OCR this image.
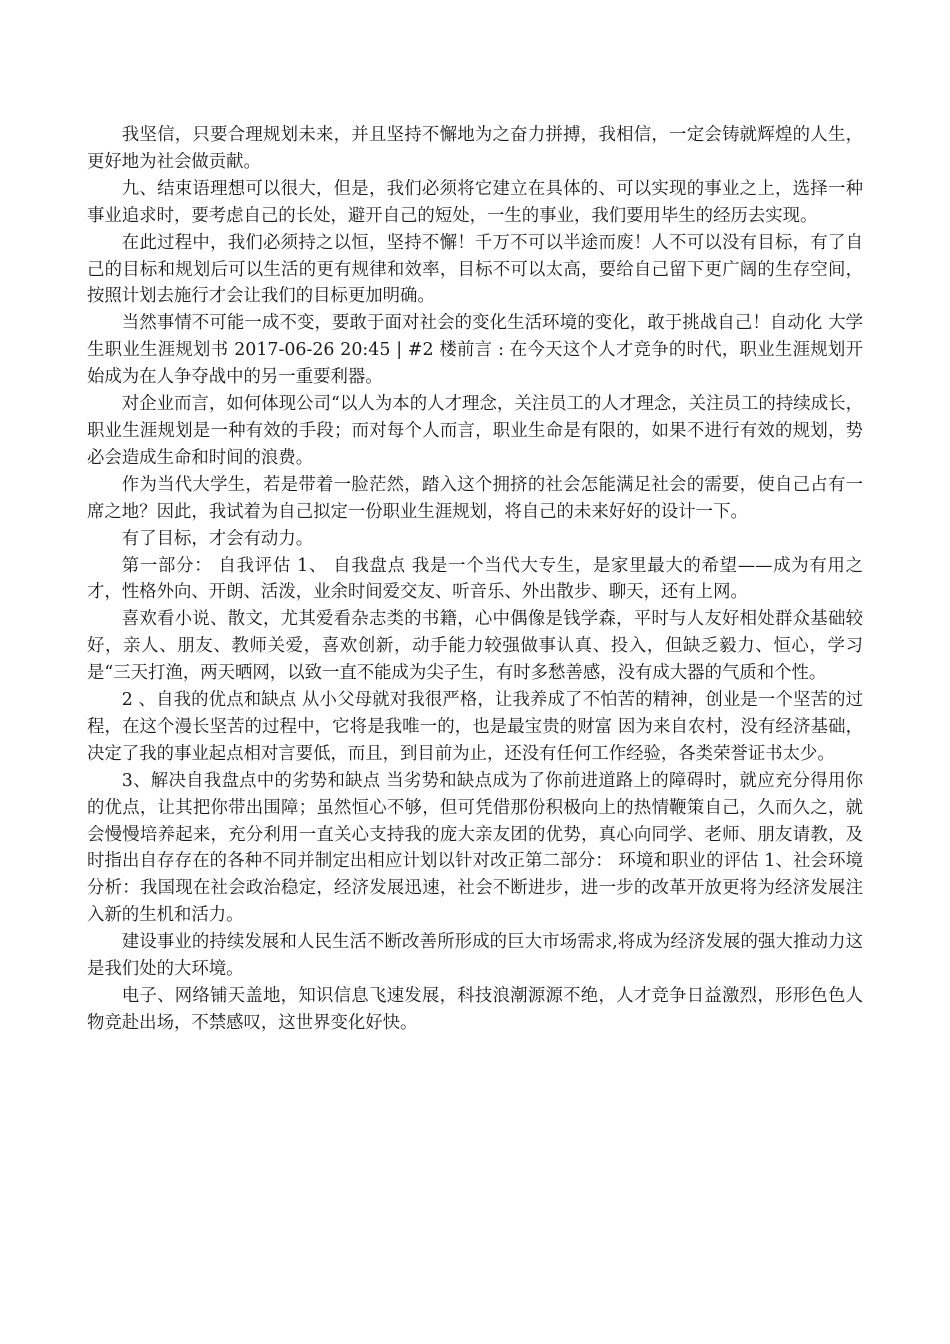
我坚信，只要合理规划未来，并且坚持不懈地为之奋力拼搏，我相信，一定会铸就辉煌的人生，更好地为社会做贡献。

九、结束语理想可以很大，但是，我们必须将它建立在具体的、可以实现的事业之上，选择一种事业追求时，要考虑自己的长处，避开自己的短处，一生的事业，我们要用毕生的经历去实现。

在此过程中，我们必须持之以恒，坚持不懈！千万不可以半途而废！人不可以没有目标，有了自己的目标和规划后可以生活的更有规律和效率，目标不可以太高，要给自己留下更广阔的生存空间，按照计划去施行才会让我们的目标更加明确。

当然事情不可能一成不变，要敢于面对社会的变化生活环境的变化，敢于挑战自己！自动化 大学生职业生涯规划书 2017-06-26 20:45 | #2 楼前言 : 在今天这个人才竞争的时代，职业生涯规划开始成为在人争夺战中的另一重要利器。

对企业而言，如何体现公司“以人为本的人才理念，关注员工的人才理念，关注员工的持续成长，职业生涯规划是一种有效的手段；而对每个人而言，职业生命是有限的，如果不进行有效的规划，势必会造成生命和时间的浪费。

作为当代大学生，若是带着一脸茫然，踏入这个拥挤的社会怎能满足社会的需要，使自己占有一席之地？因此，我试着为自己拟定一份职业生涯规划，将自己的未来好好的设计一下。

有了目标，才会有动力。

第一部分： 自我评估 1、 自我盘点 我是一个当代大专生，是家里最大的希望——成为有用之才，性格外向、开朗、活泼，业余时间爱交友、听音乐、外出散步、聊天，还有上网。

喜欢看小说、散文，尤其爱看杂志类的书籍，心中偶像是钱学森，平时与人友好相处群众基础较好，亲人、朋友、教师关爱，喜欢创新，动手能力较强做事认真、投入，但缺乏毅力、恒心，学习是“三天打渔，两天晒网，以致一直不能成为尖子生，有时多愁善感，没有成大器的气质和个性。

2 、自我的优点和缺点 从小父母就对我很严格，让我养成了不怕苦的精神，创业是一个坚苦的过程，在这个漫长坚苦的过程中，它将是我唯一的，也是最宝贵的财富 因为来自农村，没有经济基础，决定了我的事业起点相对言要低，而且，到目前为止，还没有任何工作经验，各类荣誉证书太少。

3、解决自我盘点中的劣势和缺点 当劣势和缺点成为了你前进道路上的障碍时，就应充分得用你的优点，让其把你带出围障；虽然恒心不够，但可凭借那份积极向上的热情鞭策自己，久而久之，就会慢慢培养起来，充分利用一直关心支持我的庞大亲友团的优势，真心向同学、老师、朋友请教，及时指出自存存在的各种不同并制定出相应计划以针对改正第二部分： 环境和职业的评估 1、社会环境分析：我国现在社会政治稳定，经济发展迅速，社会不断进步，进一步的改革开放更将为经济发展注入新的生机和活力。

建设事业的持续发展和人民生活不断改善所形成的巨大市场需求,将成为经济发展的强大推动力这是我们处的大环境。

电子、网络铺天盖地，知识信息飞速发展，科技浪潮源源不绝，人才竞争日益激烈，形形色色人物竞赴出场，不禁感叹，这世界变化好快。
